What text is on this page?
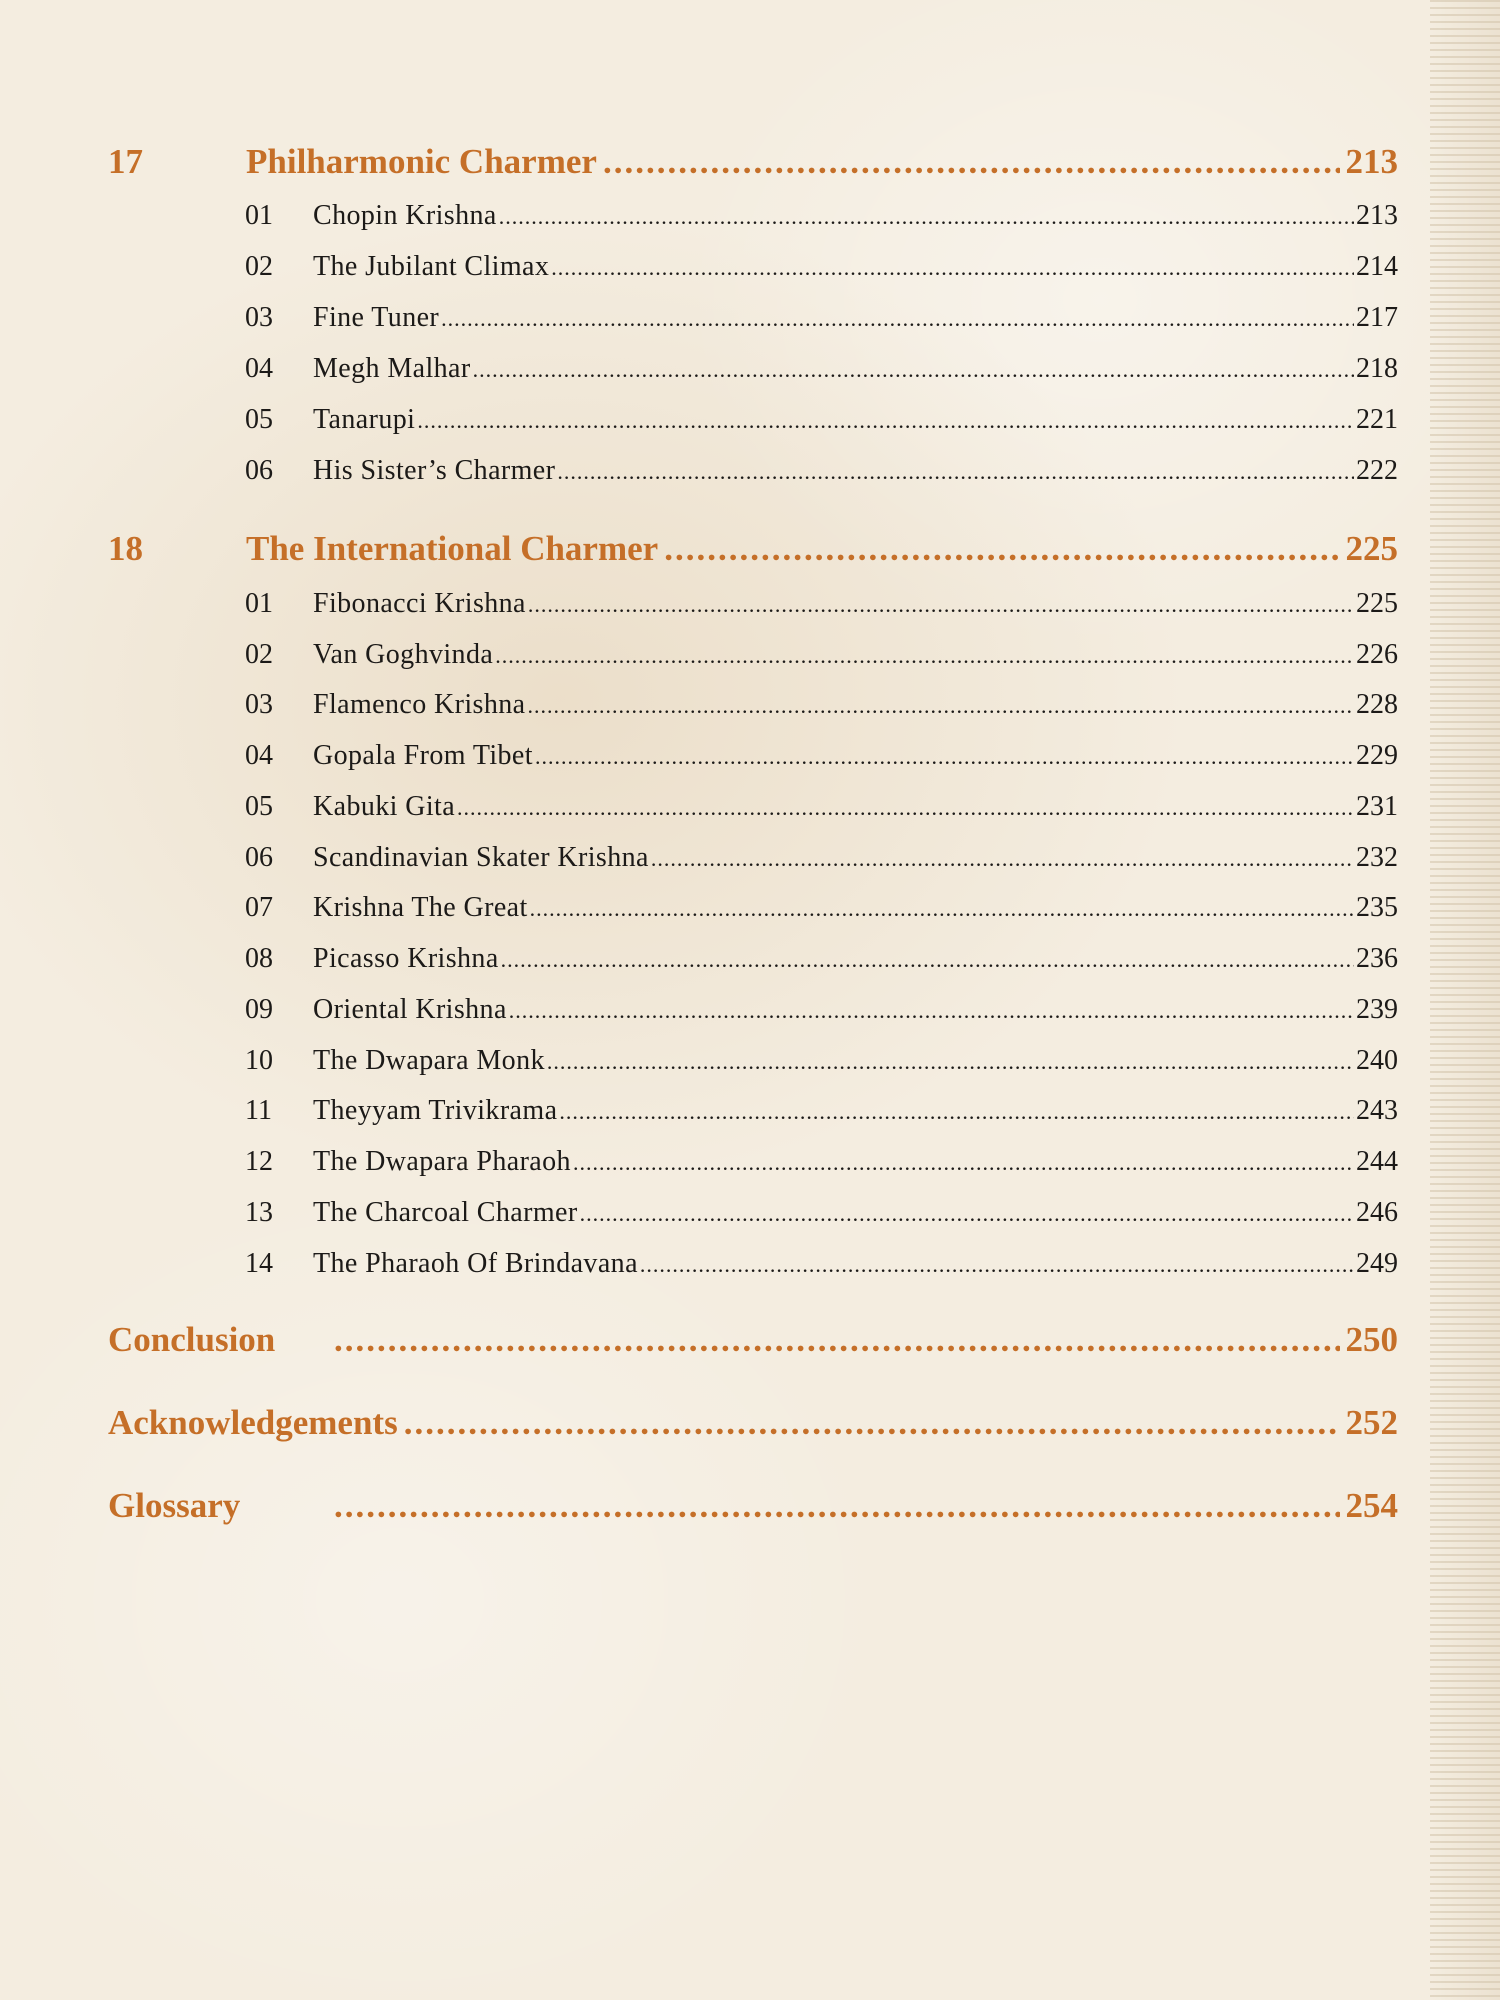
17	Philharmonic Charmer .....	213
01	Chopin Krishna .....	213
02	The Jubilant Climax .....	214
03	Fine Tuner .....	217
04	Megh Malhar .....	218
05	Tanarupi .....	221
06	His Sister’s Charmer .....	222
18	The International Charmer .....	225
01	Fibonacci Krishna .....	225
02	Van Goghvinda .....	226
03	Flamenco Krishna .....	228
04	Gopala From Tibet .....	229
05	Kabuki Gita .....	231
06	Scandinavian Skater Krishna .....	232
07	Krishna The Great .....	235
08	Picasso Krishna .....	236
09	Oriental Krishna .....	239
10	The Dwapara Monk .....	240
11	Theyyam Trivikrama .....	243
12	The Dwapara Pharaoh .....	244
13	The Charcoal Charmer .....	246
14	The Pharaoh Of Brindavana .....	249
Conclusion .....	250
Acknowledgements .....	252
Glossary .....	254
